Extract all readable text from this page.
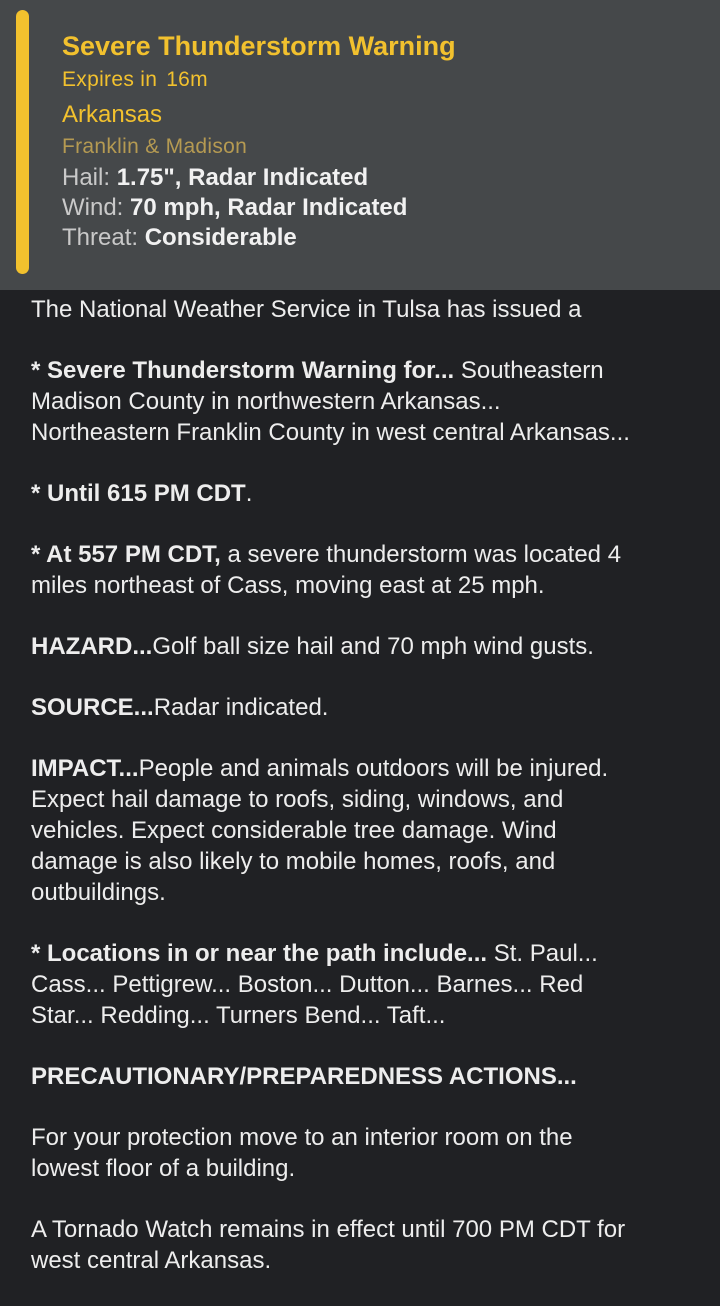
Severe Thunderstorm Warning
Expires in 16m
Arkansas
Franklin & Madison
Hail: 1.75", Radar Indicated
Wind: 70 mph, Radar Indicated
Threat: Considerable
The National Weather Service in Tulsa has issued a
* Severe Thunderstorm Warning for... Southeastern
Madison County in northwestern Arkansas...
Northeastern Franklin County in west central Arkansas...
* Until 615 PM CDT.
* At 557 PM CDT, a severe thunderstorm was located 4
miles northeast of Cass, moving east at 25 mph.
HAZARD...Golf ball size hail and 70 mph wind gusts.
SOURCE...Radar indicated.
IMPACT...People and animals outdoors will be injured.
Expect hail damage to roofs, siding, windows, and
vehicles. Expect considerable tree damage. Wind
damage is also likely to mobile homes, roofs, and
outbuildings.
* Locations in or near the path include... St. Paul...
Cass... Pettigrew... Boston... Dutton... Barnes... Red
Star... Redding... Turners Bend... Taft...
PRECAUTIONARY/PREPAREDNESS ACTIONS...
For your protection move to an interior room on the
lowest floor of a building.
A Tornado Watch remains in effect until 700 PM CDT for
west central Arkansas.
